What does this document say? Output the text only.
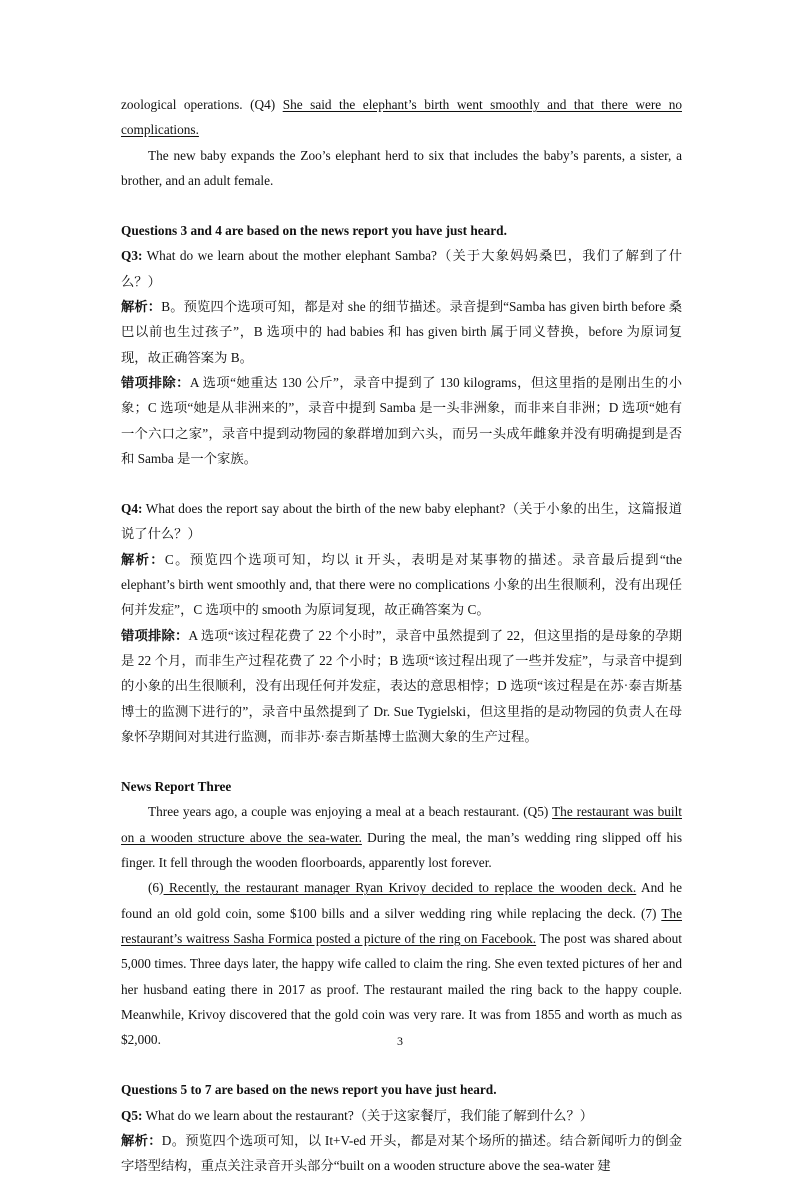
zoological operations. (Q4) She said the elephant’s birth went smoothly and that there were no complications.

The new baby expands the Zoo’s elephant herd to six that includes the baby’s parents, a sister, a brother, and an adult female.

Questions 3 and 4 are based on the news report you have just heard.

Q3: What do we learn about the mother elephant Samba?（关于大象妈妈桑巴，我们了解到了什么？）

解析：B。预览四个选项可知，都是对 she 的细节描述。录音提到“Samba has given birth before 桑巴以前也生过孩子”，B 选项中的 had babies 和 has given birth 属于同义替换，before 为原词复现，故正确答案为 B。

错项排除：A 选项“她重达 130 公斤”，录音中提到了 130 kilograms，但这里指的是刚出生的小象；C 选项“她是从非洲来的”，录音中提到 Samba 是一头非洲象，而非来自非洲；D 选项“她有一个六口之家”，录音中提到动物园的象群增加到六头，而另一头成年雌象并没有明确提到是否和 Samba 是一个家族。

Q4: What does the report say about the birth of the new baby elephant?（关于小象的出生，这篇报道说了什么？）

解析：C。预览四个选项可知，均以 it 开头，表明是对某事物的描述。录音最后提到“the elephant’s birth went smoothly and, that there were no complications 小象的出生很顺利，没有出现任何并发症”，C 选项中的 smooth 为原词复现，故正确答案为 C。

错项排除：A 选项“该过程花费了 22 个小时”，录音中虽然提到了 22，但这里指的是母象的孕期是 22 个月，而非生产过程花费了 22 个小时；B 选项“该过程出现了一些并发症”，与录音中提到的小象的出生很顺利，没有出现任何并发症，表达的意思相悖；D 选项“该过程是在苏·泰吉斯基博士的监测下进行的”，录音中虽然提到了 Dr. Sue Tygielski，但这里指的是动物园的负责人在母象怀孕期间对其进行监测，而非苏·泰吉斯基博士监测大象的生产过程。

News Report Three

Three years ago, a couple was enjoying a meal at a beach restaurant. (Q5) The restaurant was built on a wooden structure above the sea-water. During the meal, the man’s wedding ring slipped off his finger. It fell through the wooden floorboards, apparently lost forever.

(6) Recently, the restaurant manager Ryan Krivoy decided to replace the wooden deck. And he found an old gold coin, some $100 bills and a silver wedding ring while replacing the deck. (7) The restaurant’s waitress Sasha Formica posted a picture of the ring on Facebook. The post was shared about 5,000 times. Three days later, the happy wife called to claim the ring. She even texted pictures of her and her husband eating there in 2017 as proof. The restaurant mailed the ring back to the happy couple. Meanwhile, Krivoy discovered that the gold coin was very rare. It was from 1855 and worth as much as $2,000.

Questions 5 to 7 are based on the news report you have just heard.

Q5: What do we learn about the restaurant?（关于这家餐厅，我们能了解到什么？）

解析：D。预览四个选项可知，以 It+V-ed 开头，都是对某个场所的描述。结合新闻听力的倒金字塔型结构，重点关注录音开头部分“built on a wooden structure above the sea-water 建

3
